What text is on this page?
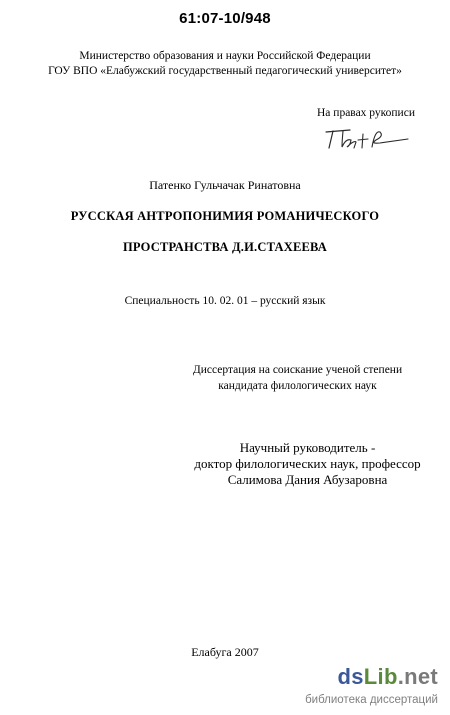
61:07-10/948
Министерство образования и науки Российской Федерации
ГОУ ВПО «Елабужский государственный педагогический университет»
На правах рукописи
Патенко Гульчачак Ринатовна
РУССКАЯ АНТРОПОНИМИЯ РОМАНИЧЕСКОГО
ПРОСТРАНСТВА Д.И.СТАХЕЕВА
Специальность 10. 02. 01 – русский язык
Диссертация на соискание ученой степени
кандидата филологических наук
Научный руководитель -
доктор филологических наук, профессор
Салимова Дания Абузаровна
Елабуга 2007
dsLib.net
библиотека диссертаций
